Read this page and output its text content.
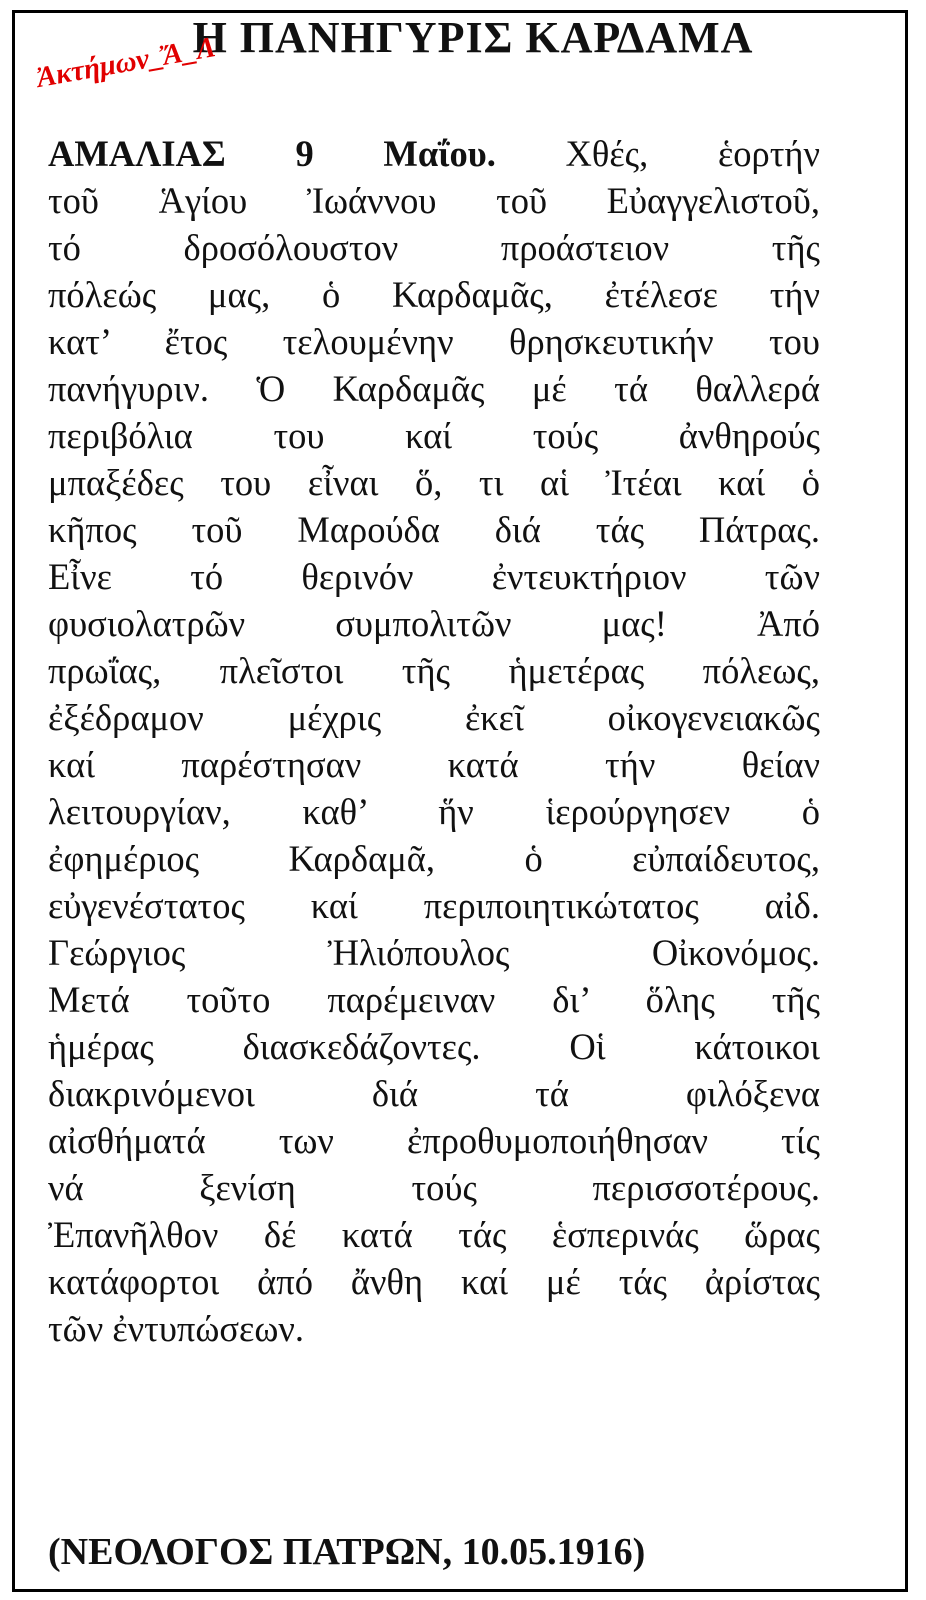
Η ΠΑΝΗΓΥΡΙΣ ΚΑΡΔΑΜΑ
Ἀκτήμων_Ἄ_Λ
ΑΜΑΛΙΑΣ 9 Μαΐου. Χθές, ἑορτήν
τοῦ Ἁγίου Ἰωάννου τοῦ Εὐαγγελιστοῦ,
τό δροσόλουστον προάστειον τῆς
πόλεώς μας, ὁ Καρδαμᾶς, ἐτέλεσε τήν
κατ’ ἔτος τελουμένην θρησκευτικήν του
πανήγυριν. Ὁ Καρδαμᾶς μέ τά θαλλερά
περιβόλια του καί τούς ἀνθηρούς
μπαξέδες του εἶναι ὅ, τι αἱ Ἰτέαι καί ὁ
κῆπος τοῦ Μαρούδα διά τάς Πάτρας.
Εἶνε τό θερινόν ἐντευκτήριον τῶν
φυσιολατρῶν συμπολιτῶν μας! Ἀπό
πρωΐας, πλεῖστοι τῆς ἡμετέρας πόλεως,
ἐξέδραμον μέχρις ἐκεῖ οἰκογενειακῶς
καί παρέστησαν κατά τήν θείαν
λειτουργίαν, καθ’ ἥν ἱερούργησεν ὁ
ἐφημέριος Καρδαμᾶ, ὁ εὐπαίδευτος,
εὐγενέστατος καί περιποιητικώτατος αἰδ.
Γεώργιος Ἠλιόπουλος Οἰκονόμος.
Μετά τοῦτο παρέμειναν δι’ ὅλης τῆς
ἡμέρας διασκεδάζοντες. Οἱ κάτοικοι
διακρινόμενοι διά τά φιλόξενα
αἰσθήματά των ἐπροθυμοποιήθησαν τίς
νά ξενίση τούς περισσοτέρους.
Ἐπανῆλθον δέ κατά τάς ἑσπερινάς ὥρας
κατάφορτοι ἀπό ἄνθη καί μέ τάς ἀρίστας
τῶν ἐντυπώσεων.
(ΝΕΟΛΟΓΟΣ ΠΑΤΡΩΝ, 10.05.1916)
